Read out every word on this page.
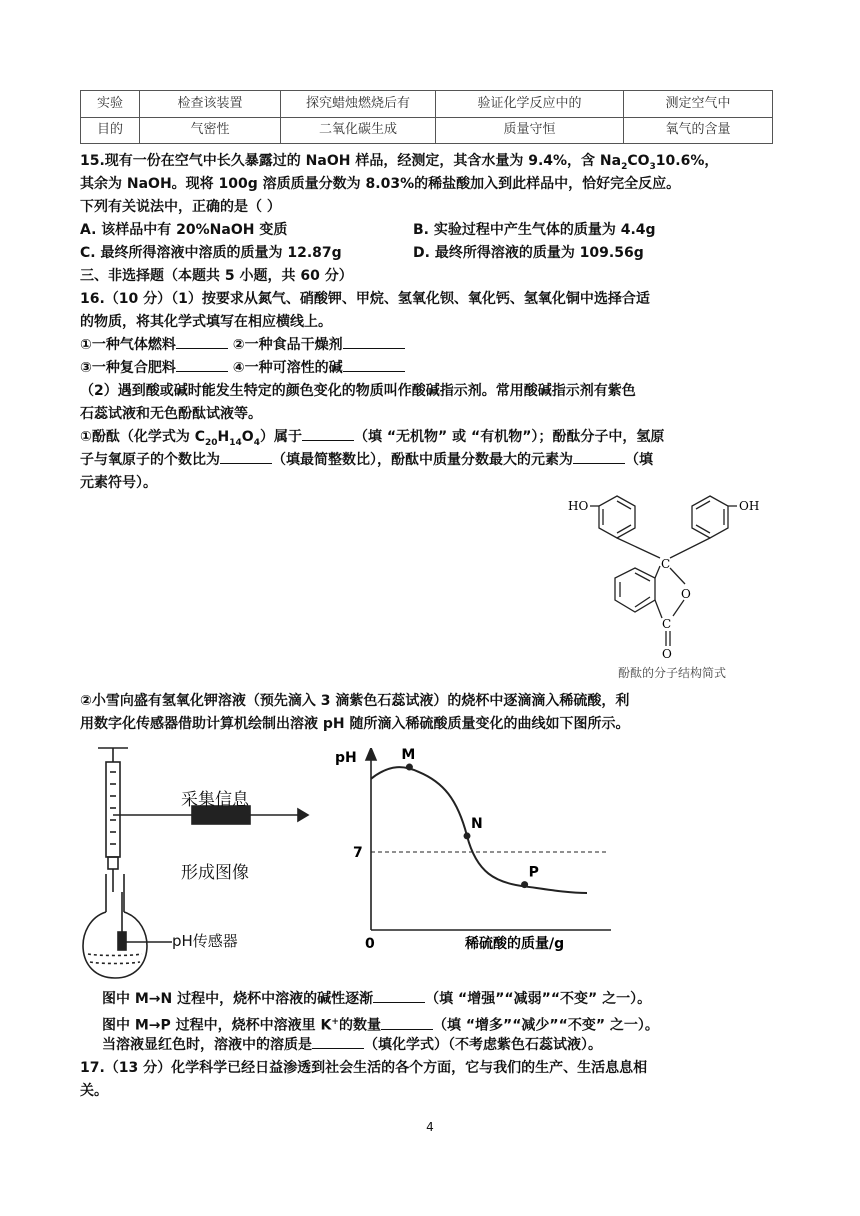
实验	检查该装置	探究蜡烛燃烧后有	验证化学反应中的	测定空气中
目的	气密性	二氧化碳生成	质量守恒	氧气的含量
15.现有一份在空气中长久暴露过的 NaOH 样品，经测定，其含水量为 9.4%，含 $Na_2CO_310.6\%$，
其余为 NaOH。现将 100g 溶质质量分数为 8.03%的稀盐酸加入到此样品中，恰好完全反应。
下列有关说法中，正确的是（ ）
A. 该样品中有 20%NaOH 变质	B. 实验过程中产生气体的质量为 4.4g
C. 最终所得溶液中溶质的质量为 12.87g	D. 最终所得溶液的质量为 109.56g
三、非选择题（本题共 5 小题，共 60 分）
16.（10 分）（1）按要求从氮气、硝酸钾、甲烷、氢氧化钡、氧化钙、氢氧化铜中选择合适
的物质，将其化学式填写在相应横线上。
①一种气体燃料	②一种食品干燥剂
③一种复合肥料	④一种可溶性的碱
（2）遇到酸或碱时能发生特定的颜色变化的物质叫作酸碱指示剂。常用酸碱指示剂有紫色
石蕊试液和无色酚酞试液等。
①酚酞（化学式为 $C_{20}H_{14}O_4$）属于	（填 “无机物” 或 “有机物”）；酚酞分子中，氢原
子与氧原子的个数比为	（填最简整数比），酚酞中质量分数最大的元素为	（填
元素符号）。
HO	OH
C
O
C
O
酚酞的分子结构简式
②小雪向盛有氢氧化钾溶液（预先滴入 3 滴紫色石蕊试液）的烧杯中逐滴滴入稀硫酸，利
用数字化传感器借助计算机绘制出溶液 pH 随所滴入稀硫酸质量变化的曲线如下图所示。
采集信息
形成图像
pH传感器
pH
7
0	稀硫酸的质量/g
M
N
P
图中 M→N 过程中，烧杯中溶液的碱性逐渐	（填 “增强”“减弱”“不变” 之一）。
图中 M→P 过程中，烧杯中溶液里 K+的数量	（填 “增多”“减少”“不变” 之一）。
当溶液显红色时，溶液中的溶质是	（填化学式）（不考虑紫色石蕊试液）。
17.（13 分）化学科学已经日益渗透到社会生活的各个方面，它与我们的生产、生活息息相
关。
4
